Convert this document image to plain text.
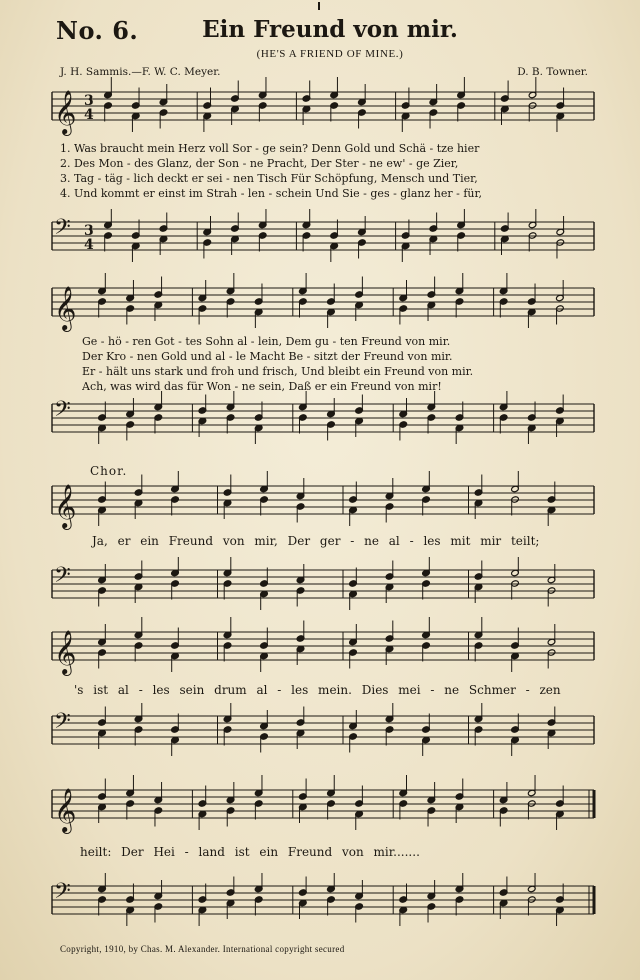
No. 6.	Ein Freund von mir.
(HE'S A FRIEND OF MINE.)
J. H. Sammis.—F. W. C. Meyer.	D. B. Towner.
𝄞 3
4
1. Was braucht mein Herz voll Sor - ge sein? Denn Gold und Schä - tze hier
2. Des Mon - des Glanz, der Son - ne Pracht, Der Ster - ne ew' - ge Zier,
3. Tag - täg - lich deckt er sei - nen Tisch Für Schöpfung, Mensch und Tier,
4. Und kommt er einst im Strah - len - schein Und Sie - ges - glanz her - für,
𝄢 3
4
𝄞
Ge - hö - ren Got - tes Sohn al - lein, Dem gu - ten Freund von mir.
Der Kro - nen Gold und al - le Macht Be - sitzt der Freund von mir.
Er - hält uns stark und froh und frisch, Und bleibt ein Freund von mir.
Ach, was wird das für Won - ne sein, Daß er ein Freund von mir!
𝄢
Chor.
𝄞
Ja, er ein Freund von mir, Der ger - ne al - les mit mir teilt;
𝄢
𝄞
's ist al - les sein drum al - les mein. Dies mei - ne Schmer - zen
𝄢
𝄞
heilt: Der Hei - land ist ein Freund von mir.......
𝄢
Copyright, 1910, by Chas. M. Alexander. International copyright secured
